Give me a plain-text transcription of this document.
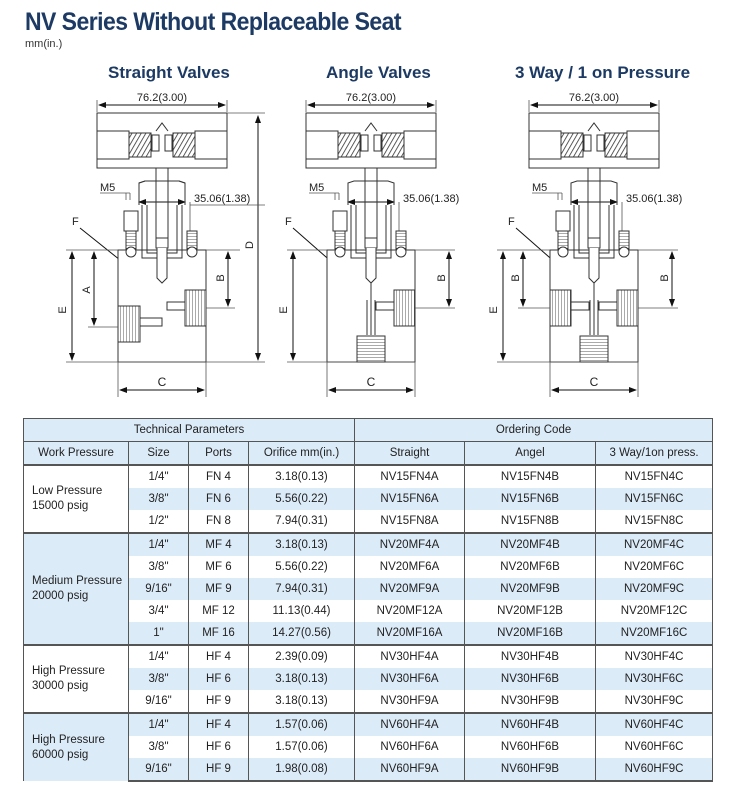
NV Series Without Replaceable Seat
mm(in.)
Straight Valves	Angle Valves	3 Way / 1 on Pressure
76.2(3.00)
D
M5
35.06(1.38)
F
E
A
B
C
76.2(3.00)
M5
35.06(1.38)
F
E
B
C
76.2(3.00)
M5
35.06(1.38)
F
E
B	B
C
Technical Parameters				Ordering Code		
Work Pressure	Size	Ports	Orifice mm(in.)	Straight	Angel	3 Way/1on press.
Low Pressure
15000 psig	1/4"	FN 4	3.18(0.13)	NV15FN4A	NV15FN4B	NV15FN4C
	3/8"	FN 6	5.56(0.22)	NV15FN6A	NV15FN6B	NV15FN6C
	1/2"	FN 8	7.94(0.31)	NV15FN8A	NV15FN8B	NV15FN8C
Medium Pressure
20000 psig	1/4"	MF 4	3.18(0.13)	NV20MF4A	NV20MF4B	NV20MF4C
	3/8"	MF 6	5.56(0.22)	NV20MF6A	NV20MF6B	NV20MF6C
	9/16"	MF 9	7.94(0.31)	NV20MF9A	NV20MF9B	NV20MF9C
	3/4"	MF 12	11.13(0.44)	NV20MF12A	NV20MF12B	NV20MF12C
	1"	MF 16	14.27(0.56)	NV20MF16A	NV20MF16B	NV20MF16C
High Pressure
30000 psig	1/4"	HF 4	2.39(0.09)	NV30HF4A	NV30HF4B	NV30HF4C
	3/8"	HF 6	3.18(0.13)	NV30HF6A	NV30HF6B	NV30HF6C
	9/16"	HF 9	3.18(0.13)	NV30HF9A	NV30HF9B	NV30HF9C
High Pressure
60000 psig	1/4"	HF 4	1.57(0.06)	NV60HF4A	NV60HF4B	NV60HF4C
	3/8"	HF 6	1.57(0.06)	NV60HF6A	NV60HF6B	NV60HF6C
	9/16"	HF 9	1.98(0.08)	NV60HF9A	NV60HF9B	NV60HF9C
